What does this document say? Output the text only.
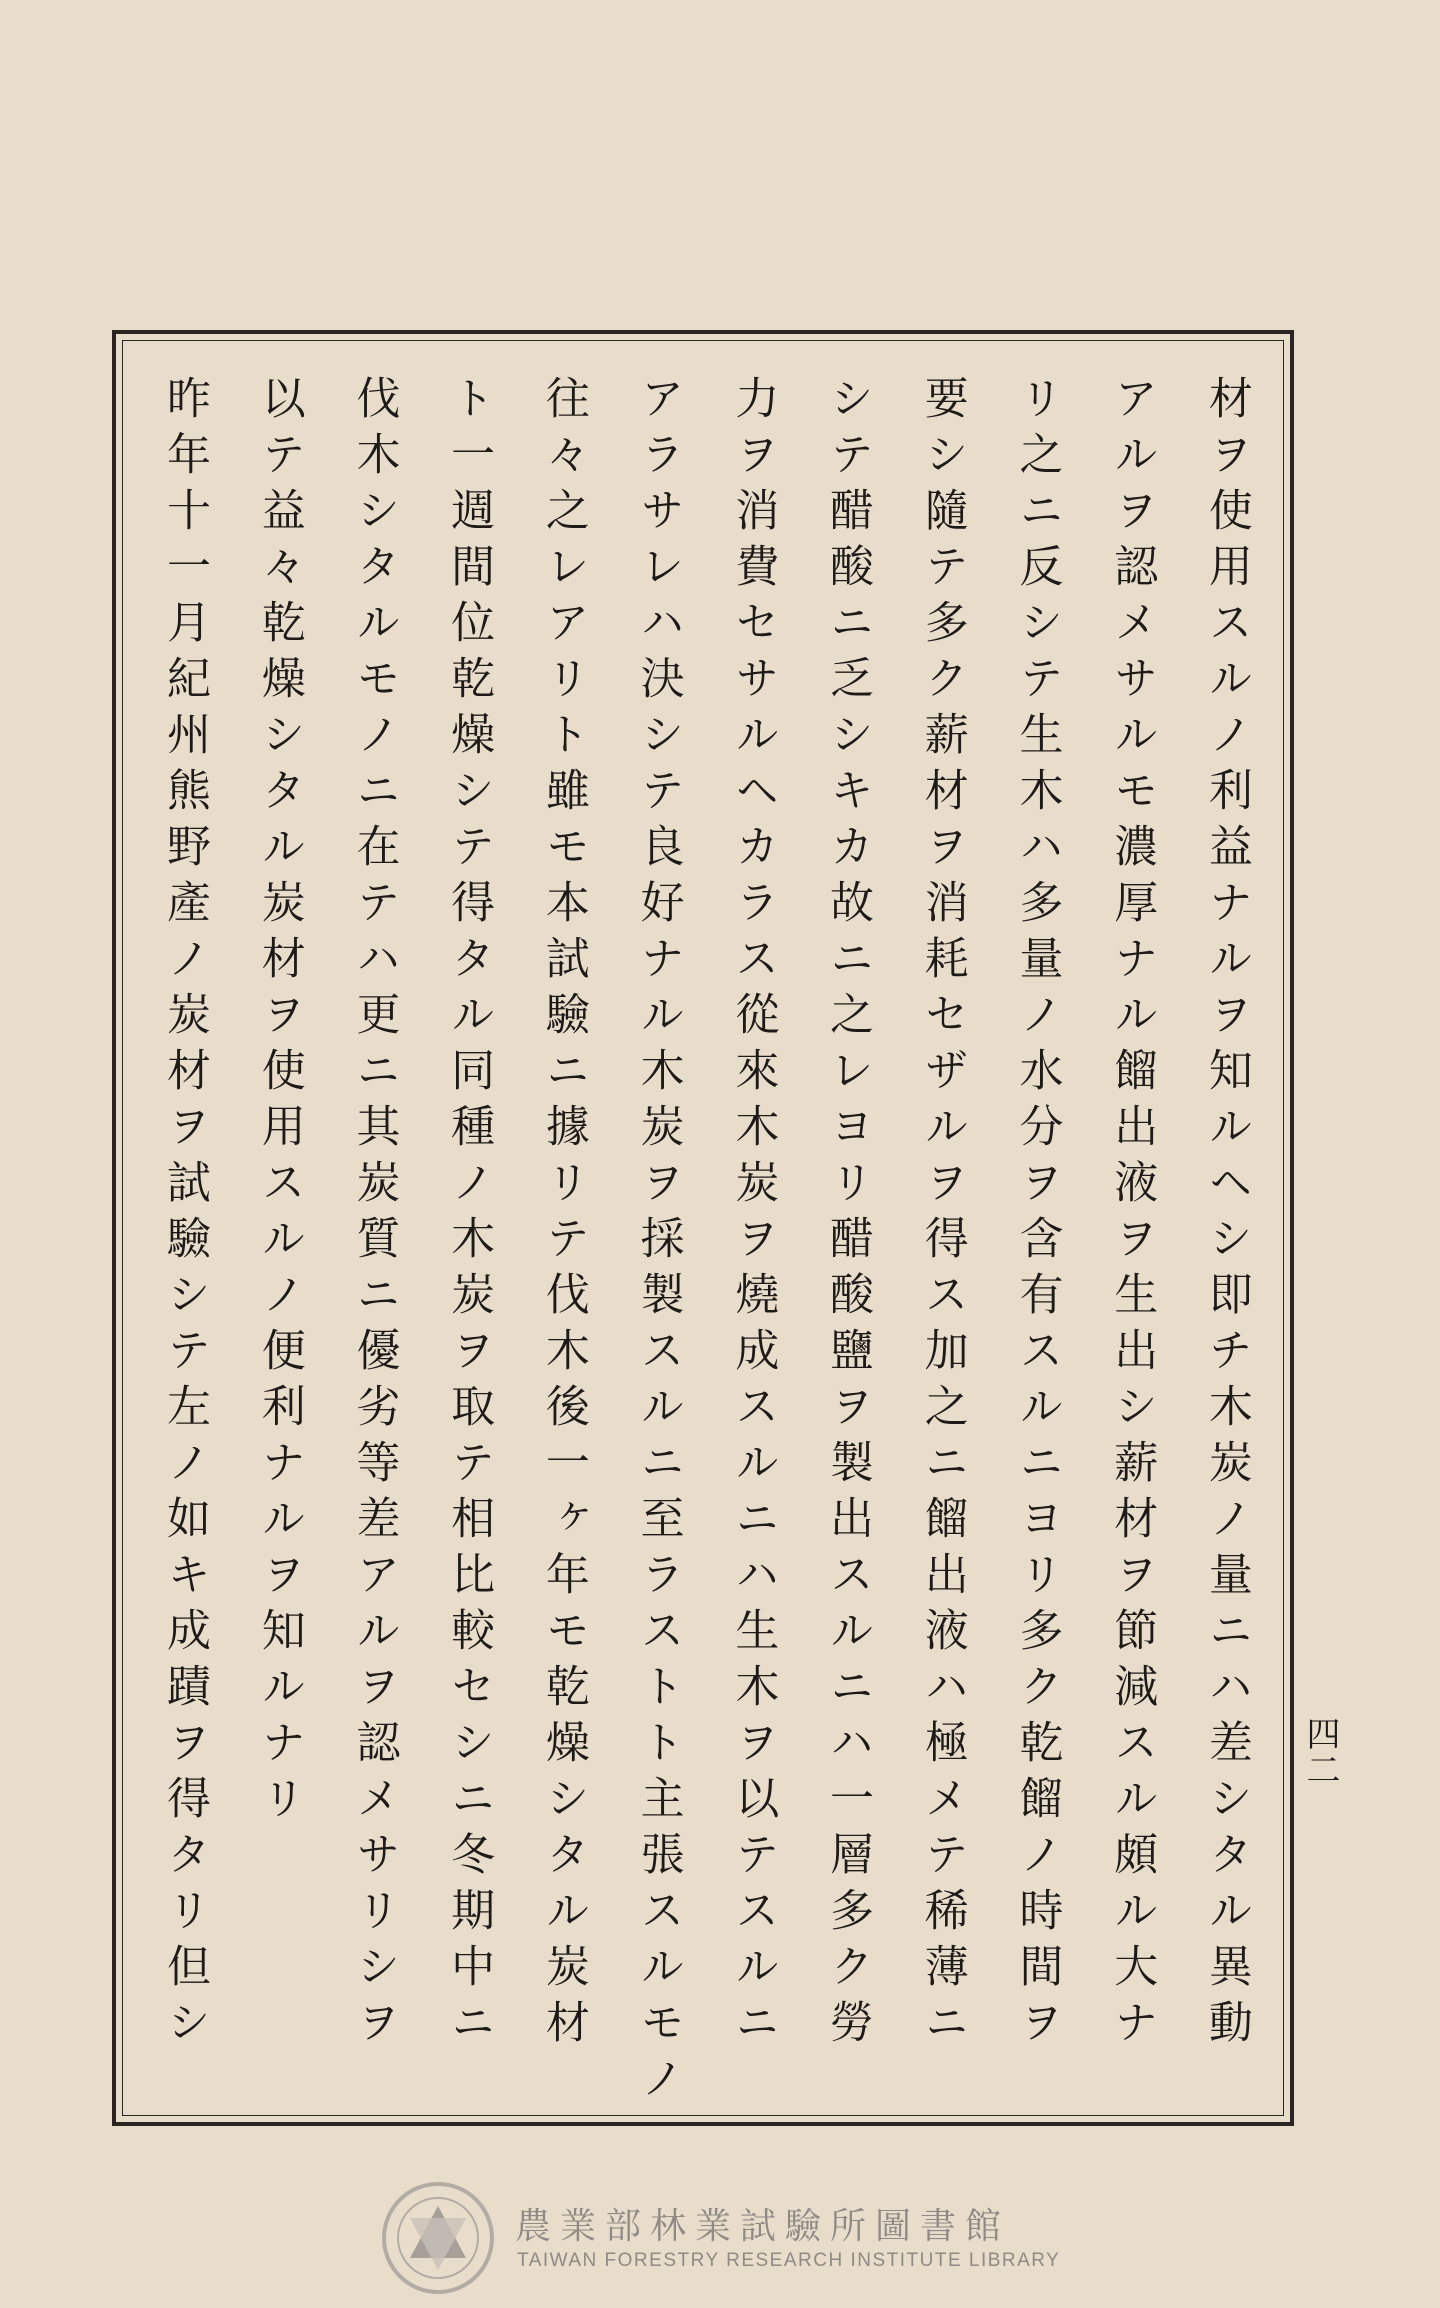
材ヲ使用スルノ利益ナルヲ知ルヘシ即チ木炭ノ量ニハ差シタル異動
アルヲ認メサルモ濃厚ナル餾出液ヲ生出シ薪材ヲ節減スル頗ル大ナ
リ之ニ反シテ生木ハ多量ノ水分ヲ含有スルニヨリ多ク乾餾ノ時間ヲ
要シ隨テ多ク薪材ヲ消耗セザルヲ得ス加之ニ餾出液ハ極メテ稀薄ニ
シテ醋酸ニ乏シキカ故ニ之レヨリ醋酸鹽ヲ製出スルニハ一層多ク勞
力ヲ消費セサルヘカラス從來木炭ヲ燒成スルニハ生木ヲ以テスルニ
アラサレハ決シテ良好ナル木炭ヲ採製スルニ至ラストト主張スルモノ
往々之レアリト雖モ本試驗ニ據リテ伐木後一ヶ年モ乾燥シタル炭材
ト一週間位乾燥シテ得タル同種ノ木炭ヲ取テ相比較セシニ冬期中ニ
伐木シタルモノニ在テハ更ニ其炭質ニ優劣等差アルヲ認メサリシヲ
以テ益々乾燥シタル炭材ヲ使用スルノ便利ナルヲ知ルナリ
昨年十一月紀州熊野產ノ炭材ヲ試驗シテ左ノ如キ成蹟ヲ得タリ但シ	四二
農業部林業試驗所圖書館
TAIWAN FORESTRY RESEARCH INSTITUTE LIBRARY
